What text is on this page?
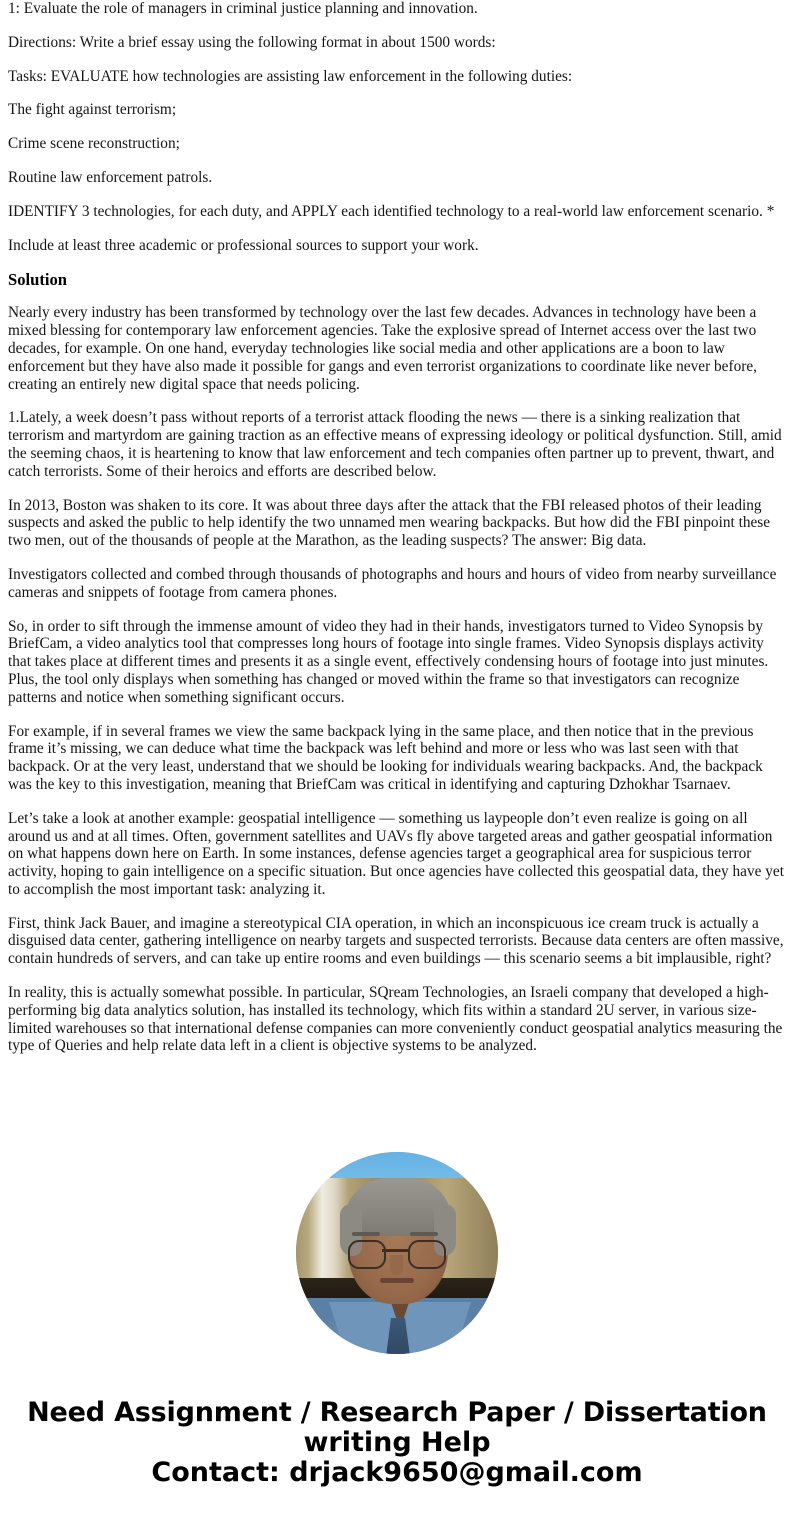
1: Evaluate the role of managers in criminal justice planning and innovation.

Directions: Write a brief essay using the following format in about 1500 words:

Tasks: EVALUATE how technologies are assisting law enforcement in the following duties:

The fight against terrorism;

Crime scene reconstruction;

Routine law enforcement patrols.

IDENTIFY 3 technologies, for each duty, and APPLY each identified technology to a real-world law enforcement scenario. *

Include at least three academic or professional sources to support your work.

Solution

Nearly every industry has been transformed by technology over the last few decades. Advances in technology have been a mixed blessing for contemporary law enforcement agencies. Take the explosive spread of Internet access over the last two decades, for example. On one hand, everyday technologies like social media and other applications are a boon to law enforcement but they have also made it possible for gangs and even terrorist organizations to coordinate like never before, creating an entirely new digital space that needs policing.

1.Lately, a week doesn’t pass without reports of a terrorist attack flooding the news — there is a sinking realization that terrorism and martyrdom are gaining traction as an effective means of expressing ideology or political dysfunction. Still, amid the seeming chaos, it is heartening to know that law enforcement and tech companies often partner up to prevent, thwart, and catch terrorists. Some of their heroics and efforts are described below.

In 2013, Boston was shaken to its core. It was about three days after the attack that the FBI released photos of their leading suspects and asked the public to help identify the two unnamed men wearing backpacks. But how did the FBI pinpoint these two men, out of the thousands of people at the Marathon, as the leading suspects? The answer: Big data.

Investigators collected and combed through thousands of photographs and hours and hours of video from nearby surveillance cameras and snippets of footage from camera phones.

So, in order to sift through the immense amount of video they had in their hands, investigators turned to Video Synopsis by BriefCam, a video analytics tool that compresses long hours of footage into single frames. Video Synopsis displays activity that takes place at different times and presents it as a single event, effectively condensing hours of footage into just minutes. Plus, the tool only displays when something has changed or moved within the frame so that investigators can recognize patterns and notice when something significant occurs.

For example, if in several frames we view the same backpack lying in the same place, and then notice that in the previous frame it’s missing, we can deduce what time the backpack was left behind and more or less who was last seen with that backpack. Or at the very least, understand that we should be looking for individuals wearing backpacks. And, the backpack was the key to this investigation, meaning that BriefCam was critical in identifying and capturing Dzhokhar Tsarnaev.

Let’s take a look at another example: geospatial intelligence — something us laypeople don’t even realize is going on all around us and at all times. Often, government satellites and UAVs fly above targeted areas and gather geospatial information on what happens down here on Earth. In some instances, defense agencies target a geographical area for suspicious terror activity, hoping to gain intelligence on a specific situation. But once agencies have collected this geospatial data, they have yet to accomplish the most important task: analyzing it.

First, think Jack Bauer, and imagine a stereotypical CIA operation, in which an inconspicuous ice cream truck is actually a disguised data center, gathering intelligence on nearby targets and suspected terrorists. Because data centers are often massive, contain hundreds of servers, and can take up entire rooms and even buildings — this scenario seems a bit implausible, right?

In reality, this is actually somewhat possible. In particular, SQream Technologies, an Israeli company that developed a high-performing big data analytics solution, has installed its technology, which fits within a standard 2U server, in various size-limited warehouses so that international defense companies can more conveniently conduct geospatial analytics measuring the type of Queries and help relate data left in a client is objective systems to be analyzed.

Need Assignment / Research Paper / Dissertation
writing Help
Contact: drjack9650@gmail.com
